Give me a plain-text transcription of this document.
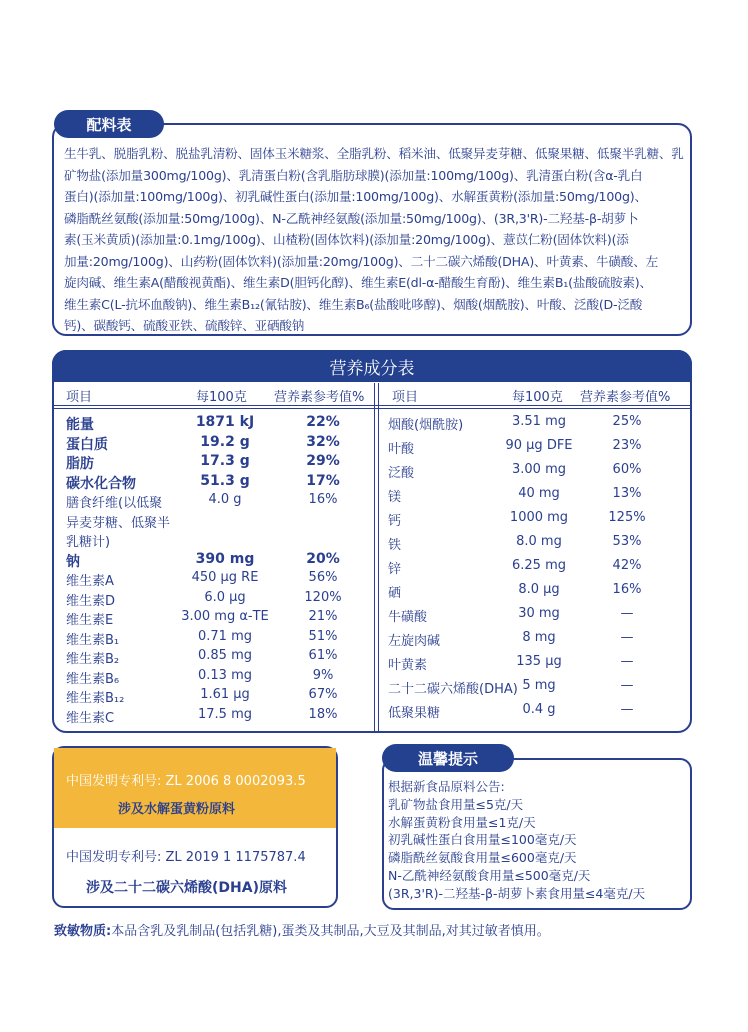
配料表
生牛乳、脱脂乳粉、脱盐乳清粉、固体玉米糖浆、全脂乳粉、稻米油、低聚异麦芽糖、低聚果糖、低聚半乳糖、乳
矿物盐(添加量300mg/100g)、乳清蛋白粉(含乳脂肪球膜)(添加量:100mg/100g)、乳清蛋白粉(含α-乳白
蛋白)(添加量:100mg/100g)、初乳碱性蛋白(添加量:100mg/100g)、水解蛋黄粉(添加量:50mg/100g)、
磷脂酰丝氨酸(添加量:50mg/100g)、N-乙酰神经氨酸(添加量:50mg/100g)、(3R,3'R)-二羟基-β-胡萝卜
素(玉米黄质)(添加量:0.1mg/100g)、山楂粉(固体饮料)(添加量:20mg/100g)、薏苡仁粉(固体饮料)(添
加量:20mg/100g)、山药粉(固体饮料)(添加量:20mg/100g)、二十二碳六烯酸(DHA)、叶黄素、牛磺酸、左
旋肉碱、维生素A(醋酸视黄酯)、维生素D(胆钙化醇)、维生素E(dl-α-醋酸生育酚)、维生素B₁(盐酸硫胺素)、
维生素C(L-抗坏血酸钠)、维生素B₁₂(氰钴胺)、维生素B₆(盐酸吡哆醇)、烟酸(烟酰胺)、叶酸、泛酸(D-泛酸
钙)、碳酸钙、硫酸亚铁、硫酸锌、亚硒酸钠
营养成分表
项目	每100克 营养素参考值% 项目	每100克 营养素参考值%
能量	1871 kJ	22%
蛋白质	19.2 g	32%
脂肪	17.3 g	29%
碳水化合物	51.3 g	17%
膳食纤维(以低聚	4.0 g	16%
异麦芽糖、低聚半
乳糖计)
钠	390 mg	20%
维生素A	450 μg RE	56%
维生素D	6.0 μg	120%
维生素E	3.00 mg α-TE	21%
维生素B₁	0.71 mg	51%
维生素B₂	0.85 mg	61%
维生素B₆	0.13 mg	9%
维生素B₁₂	1.61 μg	67%
维生素C	17.5 mg	18%
烟酸(烟酰胺)	3.51 mg	25%
叶酸	90 μg DFE	23%
泛酸	3.00 mg	60%
镁	40 mg	13%
钙	1000 mg	125%
铁	8.0 mg	53%
锌	6.25 mg	42%
硒	8.0 μg	16%
牛磺酸	30 mg	—
左旋肉碱	8 mg	—
叶黄素	135 μg	—
二十二碳六烯酸(DHA) 5 mg	—
低聚果糖	0.4 g	—
中国发明专利号: ZL 2006 8 0002093.5
涉及水解蛋黄粉原料
中国发明专利号: ZL 2019 1 1175787.4
涉及二十二碳六烯酸(DHA)原料
温馨提示
根据新食品原料公告:
乳矿物盐食用量≤5克/天
水解蛋黄粉食用量≤1克/天
初乳碱性蛋白食用量≤100毫克/天
磷脂酰丝氨酸食用量≤600毫克/天
N-乙酰神经氨酸食用量≤500毫克/天
(3R,3'R)-二羟基-β-胡萝卜素食用量≤4毫克/天
致敏物质:本品含乳及乳制品(包括乳糖),蛋类及其制品,大豆及其制品,对其过敏者慎用。
